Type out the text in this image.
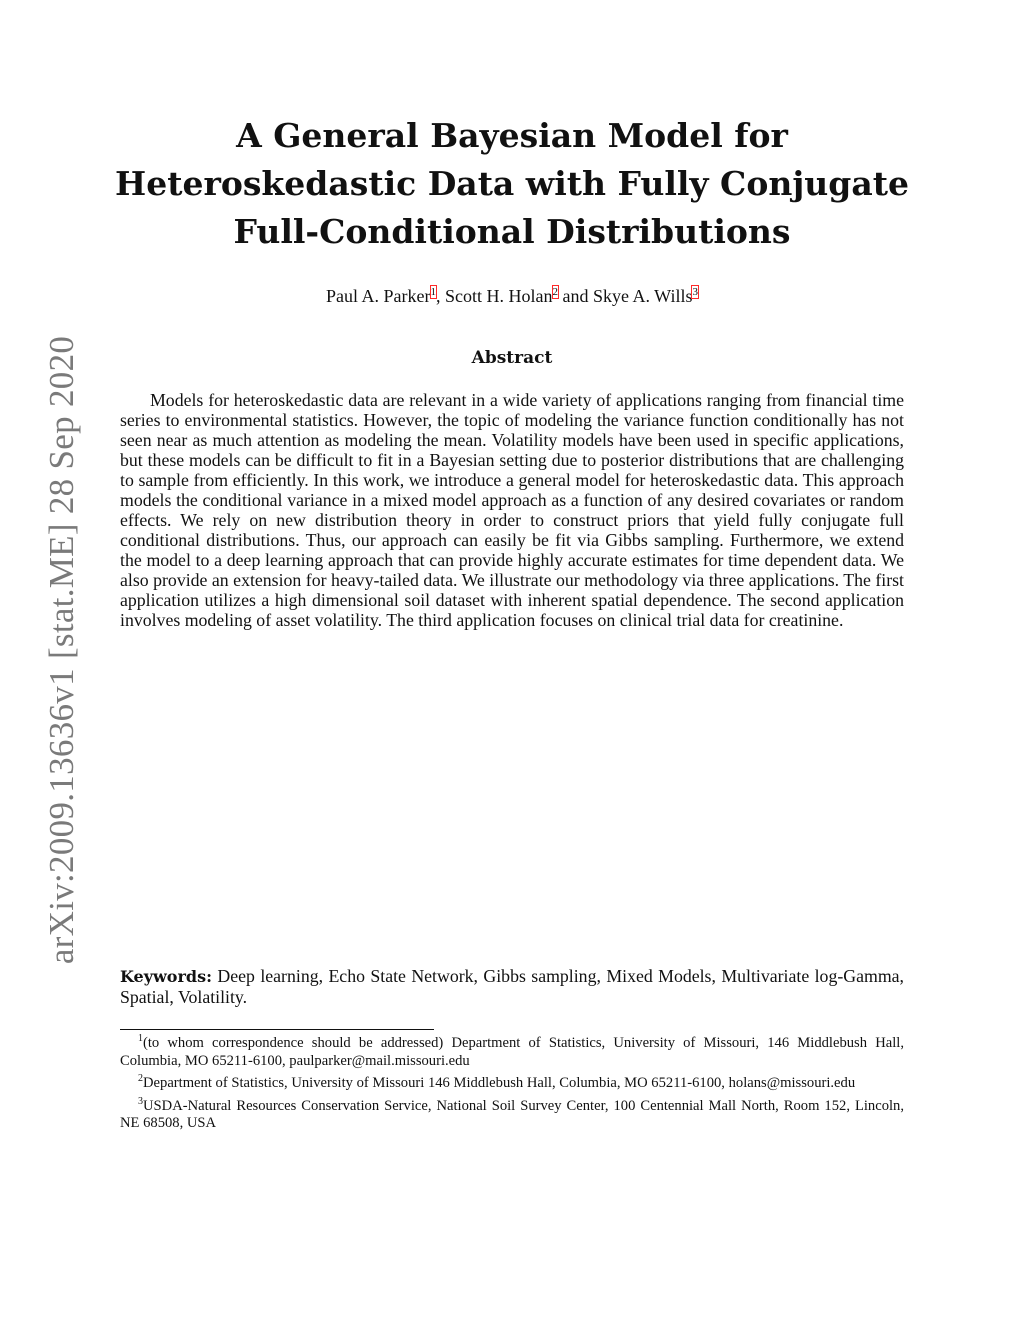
arXiv:2009.13636v1 [stat.ME] 28 Sep 2020
A General Bayesian Model for
Heteroskedastic Data with Fully Conjugate
Full-Conditional Distributions
Paul A. Parker$^1$, Scott H. Holan$^2$ and Skye A. Wills$^3$
Abstract

Models for heteroskedastic data are relevant in a wide variety of applications ranging from financial time series to environmental statistics. However, the topic of modeling the variance function conditionally has not seen near as much attention as modeling the mean. Volatility models have been used in specific applications, but these models can be difficult to fit in a Bayesian setting due to posterior distributions that are challenging to sample from efficiently. In this work, we introduce a general model for heteroskedastic data. This approach models the conditional variance in a mixed model approach as a function of any desired covariates or random effects. We rely on new distribution theory in order to construct priors that yield fully conjugate full conditional distributions. Thus, our approach can easily be fit via Gibbs sampling. Furthermore, we extend the model to a deep learning approach that can provide highly accurate estimates for time dependent data. We also provide an extension for heavy-tailed data. We illustrate our methodology via three applications. The first application utilizes a high dimensional soil dataset with inherent spatial dependence. The second application involves modeling of asset volatility. The third application focuses on clinical trial data for creatinine.

Keywords: Deep learning, Echo State Network, Gibbs sampling, Mixed Models, Multivariate log-Gamma, Spatial, Volatility.

$^1$(to whom correspondence should be addressed) Department of Statistics, University of Missouri, 146 Middlebush Hall, Columbia, MO 65211-6100, paulparker@mail.missouri.edu

$^2$Department of Statistics, University of Missouri 146 Middlebush Hall, Columbia, MO 65211-6100, holans@missouri.edu

$^3$USDA-Natural Resources Conservation Service, National Soil Survey Center, 100 Centennial Mall North, Room 152, Lincoln, NE 68508, USA
